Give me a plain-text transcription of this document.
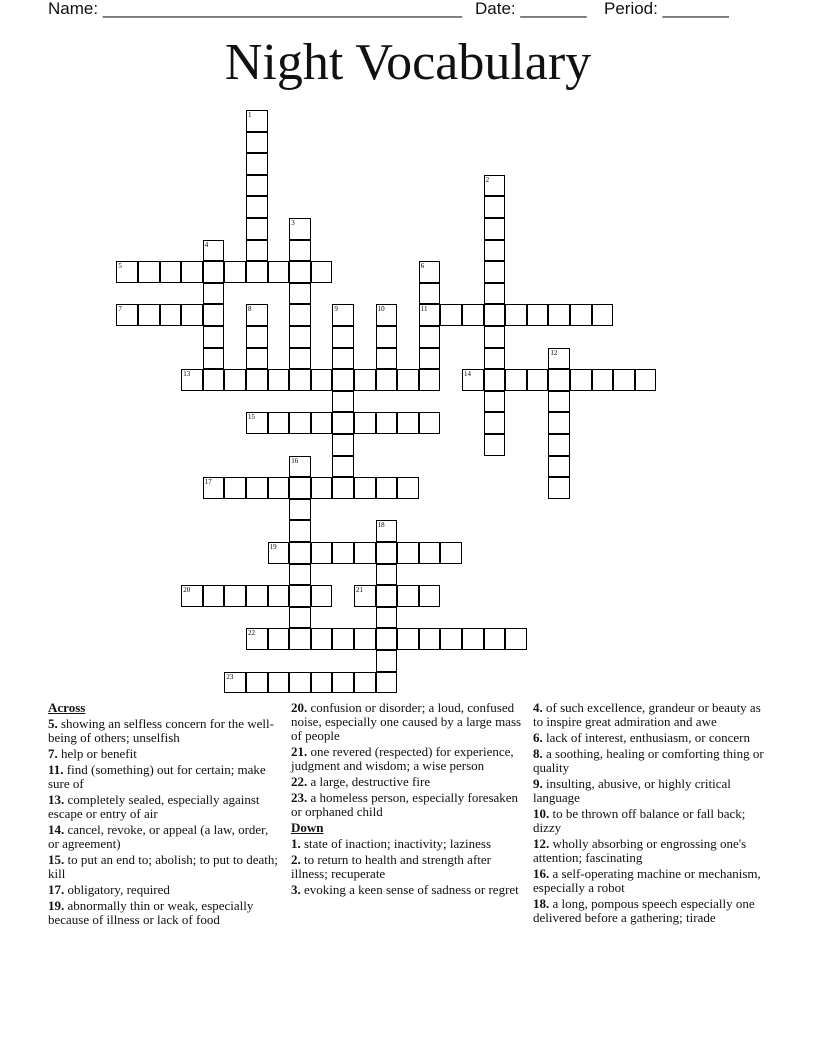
Name: ______________________________________ Date: _______ Period: _______
Night Vocabulary
1
2
3
4
5	6
11
7	8	9	10
12
13	14
15
16
17
18
19
20	21
22
23
Across
5. showing an selfless concern for the well-being of others; unselfish
7. help or benefit
11. find (something) out for certain; make sure of
13. completely sealed, especially against escape or entry of air
14. cancel, revoke, or appeal (a law, order, or agreement)
15. to put an end to; abolish; to put to death; kill
17. obligatory, required
19. abnormally thin or weak, especially because of illness or lack of food
20. confusion or disorder; a loud, confused noise, especially one caused by a large mass of people
21. one revered (respected) for experience, judgment and wisdom; a wise person
22. a large, destructive fire
23. a homeless person, especially foresaken or orphaned child
Down
1. state of inaction; inactivity; laziness
2. to return to health and strength after illness; recuperate
3. evoking a keen sense of sadness or regret
4. of such excellence, grandeur or beauty as to inspire great admiration and awe
6. lack of interest, enthusiasm, or concern
8. a soothing, healing or comforting thing or quality
9. insulting, abusive, or highly critical language
10. to be thrown off balance or fall back; dizzy
12. wholly absorbing or engrossing one's attention; fascinating
16. a self-operating machine or mechanism, especially a robot
18. a long, pompous speech especially one delivered before a gathering; tirade
